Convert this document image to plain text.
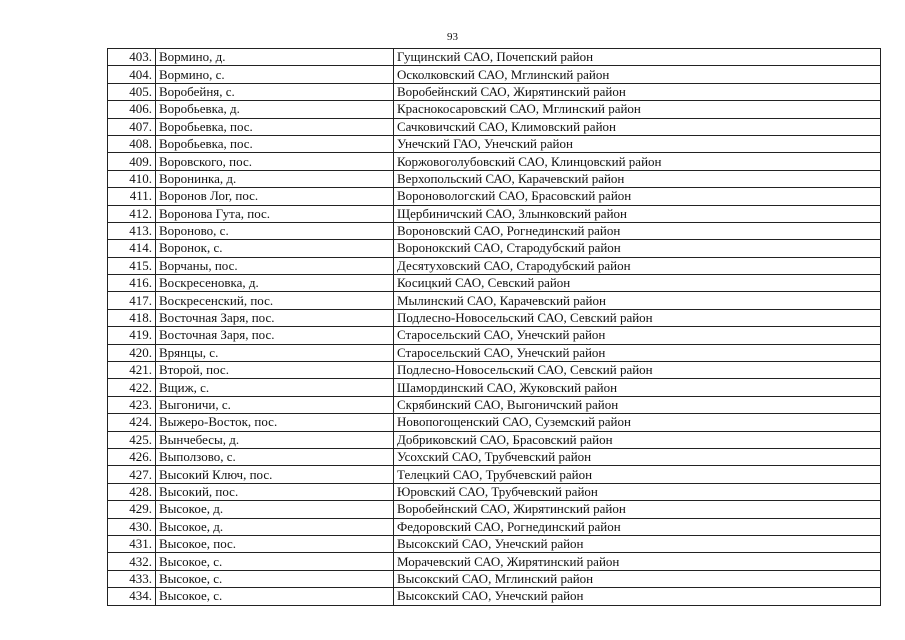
93
403.	Вормино, д.	Гущинский САО, Почепский район
404.	Вормино, с.	Осколковский САО, Мглинский район
405.	Воробейня, с.	Воробейнский САО, Жирятинский район
406.	Воробьевка, д.	Краснокосаровский САО, Мглинский район
407.	Воробьевка, пос.	Сачковичский САО, Климовский район
408.	Воробьевка, пос.	Унечский ГАО, Унечский район
409.	Воровского, пос.	Коржовоголубовский САО, Клинцовский район
410.	Воронинка, д.	Верхопольский САО, Карачевский район
411.	Воронов Лог, пос.	Вороновологский САО, Брасовский район
412.	Воронова Гута, пос.	Щербиничский САО, Злынковский район
413.	Вороново, с.	Вороновский САО, Рогнединский район
414.	Воронок, с.	Воронокский САО, Стародубский район
415.	Ворчаны, пос.	Десятуховский САО, Стародубский район
416.	Воскресеновка, д.	Косицкий САО, Севский район
417.	Воскресенский, пос.	Мылинский САО, Карачевский район
418.	Восточная Заря, пос.	Подлесно-Новосельский САО, Севский район
419.	Восточная Заря, пос.	Старосельский САО, Унечский район
420.	Врянцы, с.	Старосельский САО, Унечский район
421.	Второй, пос.	Подлесно-Новосельский САО, Севский район
422.	Вщиж, с.	Шамординский САО, Жуковский район
423.	Выгоничи, с.	Скрябинский САО, Выгоничский район
424.	Выжеро-Восток, пос.	Новопогощенский САО, Суземский район
425.	Вынчебесы, д.	Добриковский САО, Брасовский район
426.	Выползово, с.	Усохский САО, Трубчевский район
427.	Высокий Ключ, пос.	Телецкий САО, Трубчевский район
428.	Высокий, пос.	Юровский САО, Трубчевский район
429.	Высокое, д.	Воробейнский САО, Жирятинский район
430.	Высокое, д.	Федоровский САО, Рогнединский район
431.	Высокое, пос.	Высокский САО, Унечский район
432.	Высокое, с.	Морачевский САО, Жирятинский район
433.	Высокое, с.	Высокский САО, Мглинский район
434.	Высокое, с.	Высокский САО, Унечский район
